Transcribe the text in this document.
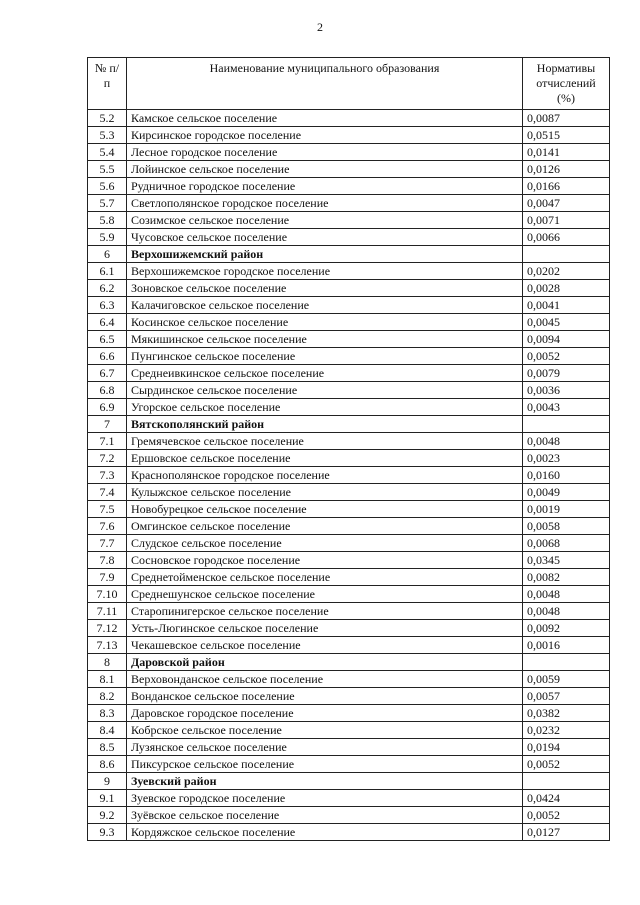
2
№ п/п	Наименование муниципального образования	Нормативы отчислений (%)
5.2	Камское сельское поселение	0,0087
5.3	Кирсинское городское поселение	0,0515
5.4	Лесное городское поселение	0,0141
5.5	Лойинское сельское поселение	0,0126
5.6	Рудничное городское поселение	0,0166
5.7	Светлополянское городское поселение	0,0047
5.8	Созимское сельское поселение	0,0071
5.9	Чусовское сельское поселение	0,0066
6	Верхошижемский район	
6.1	Верхошижемское городское поселение	0,0202
6.2	Зоновское сельское поселение	0,0028
6.3	Калачиговское сельское поселение	0,0041
6.4	Косинское сельское поселение	0,0045
6.5	Мякишинское сельское поселение	0,0094
6.6	Пунгинское сельское поселение	0,0052
6.7	Среднеивкинское сельское поселение	0,0079
6.8	Сырдинское сельское поселение	0,0036
6.9	Угорское сельское поселение	0,0043
7	Вятскополянский район	
7.1	Гремячевское сельское поселение	0,0048
7.2	Ершовское сельское поселение	0,0023
7.3	Краснополянское городское поселение	0,0160
7.4	Кулыжское сельское поселение	0,0049
7.5	Новобурецкое сельское поселение	0,0019
7.6	Омгинское сельское поселение	0,0058
7.7	Слудское сельское поселение	0,0068
7.8	Сосновское городское поселение	0,0345
7.9	Среднетойменское сельское поселение	0,0082
7.10	Среднешунское сельское поселение	0,0048
7.11	Старопинигерское сельское поселение	0,0048
7.12	Усть-Люгинское сельское поселение	0,0092
7.13	Чекашевское сельское поселение	0,0016
8	Даровской район	
8.1	Верховонданское сельское поселение	0,0059
8.2	Вонданское сельское поселение	0,0057
8.3	Даровское городское поселение	0,0382
8.4	Кобрское сельское поселение	0,0232
8.5	Лузянское сельское поселение	0,0194
8.6	Пиксурское сельское поселение	0,0052
9	Зуевский район	
9.1	Зуевское городское поселение	0,0424
9.2	Зуёвское сельское поселение	0,0052
9.3	Кордяжское сельское поселение	0,0127
